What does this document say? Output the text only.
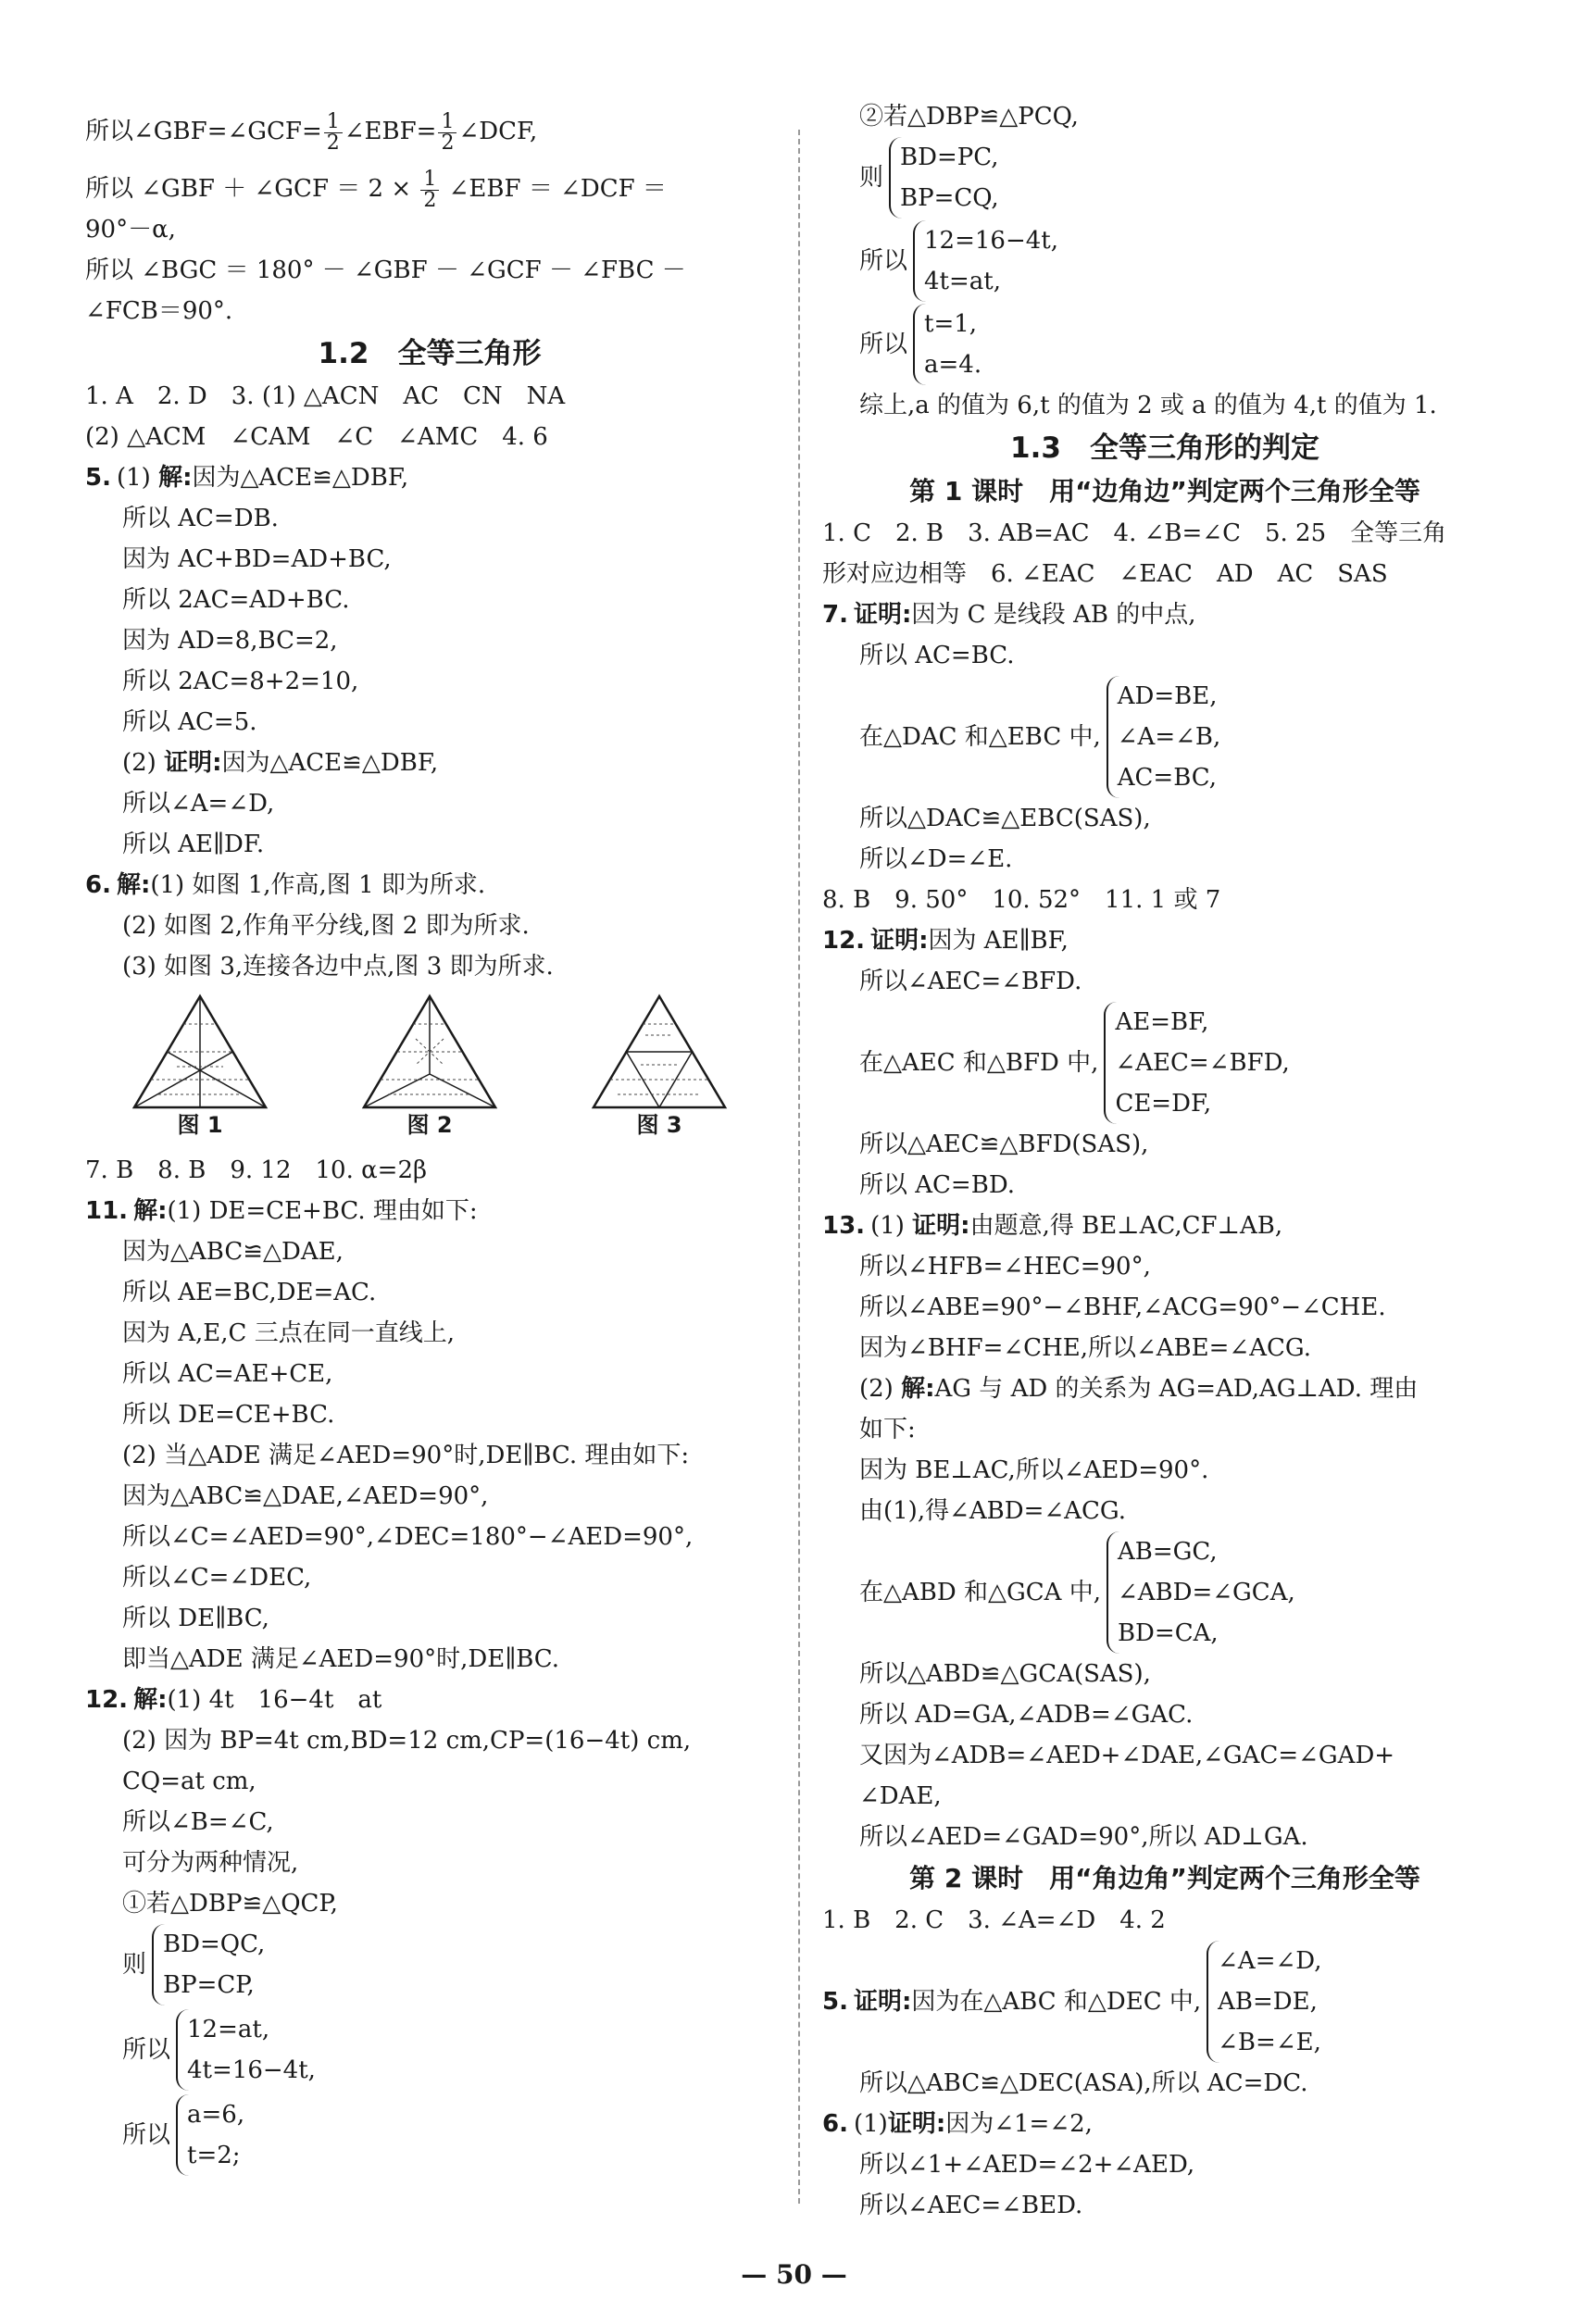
所以∠GBF=∠GCF= $\frac{1}{2}$ ∠EBF= $\frac{1}{2}$ ∠DCF,
所以 ∠GBF ＋ ∠GCF ＝ $2 \times \frac{1}{2}$ ∠EBF ＝ ∠DCF ＝
90°－α,
所以 ∠BGC ＝ 180° － ∠GBF － ∠GCF － ∠FBC －
∠FCB＝90°.
1.2　全等三角形
1. A　2. D　3. (1) △ACN　AC　CN　NA
(2) △ACM　∠CAM　∠C　∠AMC　4. 6
5. (1) 解:因为△ACE≌△DBF,
所以 AC=DB.
因为 AC+BD=AD+BC,
所以 2AC=AD+BC.
因为 AD=8,BC=2,
所以 2AC=8+2=10,
所以 AC=5.
(2) 证明:因为△ACE≌△DBF,
所以∠A=∠D,
所以 AE∥DF.
6. 解:(1) 如图 1,作高,图 1 即为所求.
(2) 如图 2,作角平分线,图 2 即为所求.
(3) 如图 3,连接各边中点,图 3 即为所求.
图 1	图 2	图 3
7. B　8. B　9. 12　10. α=2β
11. 解:(1) DE=CE+BC. 理由如下:
因为△ABC≌△DAE,
所以 AE=BC,DE=AC.
因为 A,E,C 三点在同一直线上,
所以 AC=AE+CE,
所以 DE=CE+BC.
(2) 当△ADE 满足∠AED=90°时,DE∥BC. 理由如下:
因为△ABC≌△DAE,∠AED=90°,
所以∠C=∠AED=90°,∠DEC=180°−∠AED=90°,
所以∠C=∠DEC,
所以 DE∥BC,
即当△ADE 满足∠AED=90°时,DE∥BC.
12. 解:(1) 4t　16−4t　at
(2) 因为 BP=4t cm,BD=12 cm,CP=(16−4t) cm,
CQ=at cm,
所以∠B=∠C,
可分为两种情况,
①若△DBP≌△QCP,
则
BD=QC,
BP=CP,
所以
12=at,
4t=16−4t,
所以
a=6,
t=2;
②若△DBP≌△PCQ,
则
BD=PC,
BP=CQ,
所以
12=16−4t,
4t=at,
所以
t=1,
a=4.
综上,a 的值为 6,t 的值为 2 或 a 的值为 4,t 的值为 1.
1.3　全等三角形的判定
第 1 课时　用“边角边”判定两个三角形全等
1. C　2. B　3. AB=AC　4. ∠B=∠C　5. 25　全等三角
形对应边相等　6. ∠EAC　∠EAC　AD　AC　SAS
7. 证明:因为 C 是线段 AB 的中点,
所以 AC=BC.
在△DAC 和△EBC 中,
AD=BE,
∠A=∠B,
AC=BC,
所以△DAC≌△EBC(SAS),
所以∠D=∠E.
8. B　9. 50°　10. 52°　11. 1 或 7
12. 证明:因为 AE∥BF,
所以∠AEC=∠BFD.
在△AEC 和△BFD 中,
AE=BF,
∠AEC=∠BFD,
CE=DF,
所以△AEC≌△BFD(SAS),
所以 AC=BD.
13. (1) 证明:由题意,得 BE⊥AC,CF⊥AB,
所以∠HFB=∠HEC=90°,
所以∠ABE=90°−∠BHF,∠ACG=90°−∠CHE.
因为∠BHF=∠CHE,所以∠ABE=∠ACG.
(2) 解:AG 与 AD 的关系为 AG=AD,AG⊥AD. 理由
如下:
因为 BE⊥AC,所以∠AED=90°.
由(1),得∠ABD=∠ACG.
在△ABD 和△GCA 中,
AB=GC,
∠ABD=∠GCA,
BD=CA,
所以△ABD≌△GCA(SAS),
所以 AD=GA,∠ADB=∠GAC.
又因为∠ADB=∠AED+∠DAE,∠GAC=∠GAD+
∠DAE,
所以∠AED=∠GAD=90°,所以 AD⊥GA.
第 2 课时　用“角边角”判定两个三角形全等
1. B　2. C　3. ∠A=∠D　4. 2
5. 证明:因为在△ABC 和△DEC 中,
∠A=∠D,
AB=DE,
∠B=∠E,
所以△ABC≌△DEC(ASA),所以 AC=DC.
6. (1)证明:因为∠1=∠2,
所以∠1+∠AED=∠2+∠AED,
所以∠AEC=∠BED.
— 50 —
